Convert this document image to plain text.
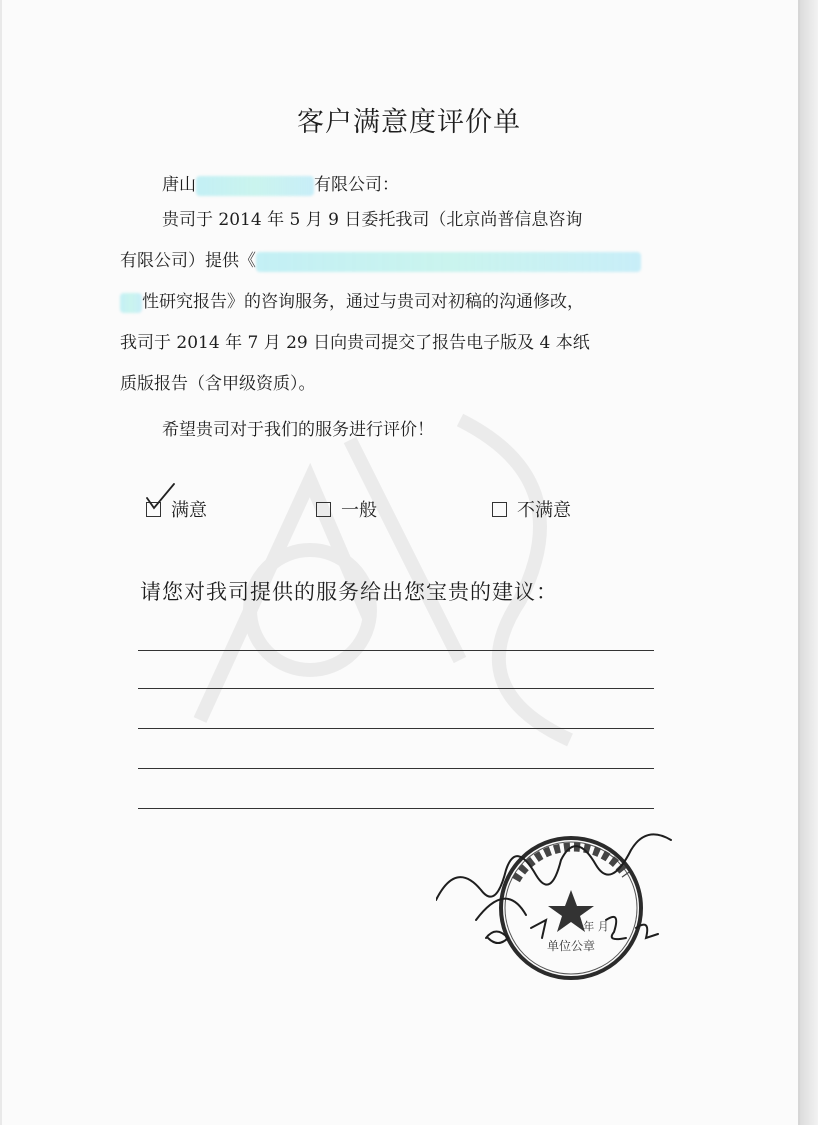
客户满意度评价单
唐山	有限公司：
贵司于 2014 年 5 月 9 日委托我司（北京尚普信息咨询
有限公司）提供《
性研究报告》的咨询服务，通过与贵司对初稿的沟通修改，
我司于 2014 年 7 月 29 日向贵司提交了报告电子版及 4 本纸
质版报告（含甲级资质）。
希望贵司对于我们的服务进行评价！
满意	一般	不满意
请您对我司提供的服务给出您宝贵的建议：
单位公章
年 月
